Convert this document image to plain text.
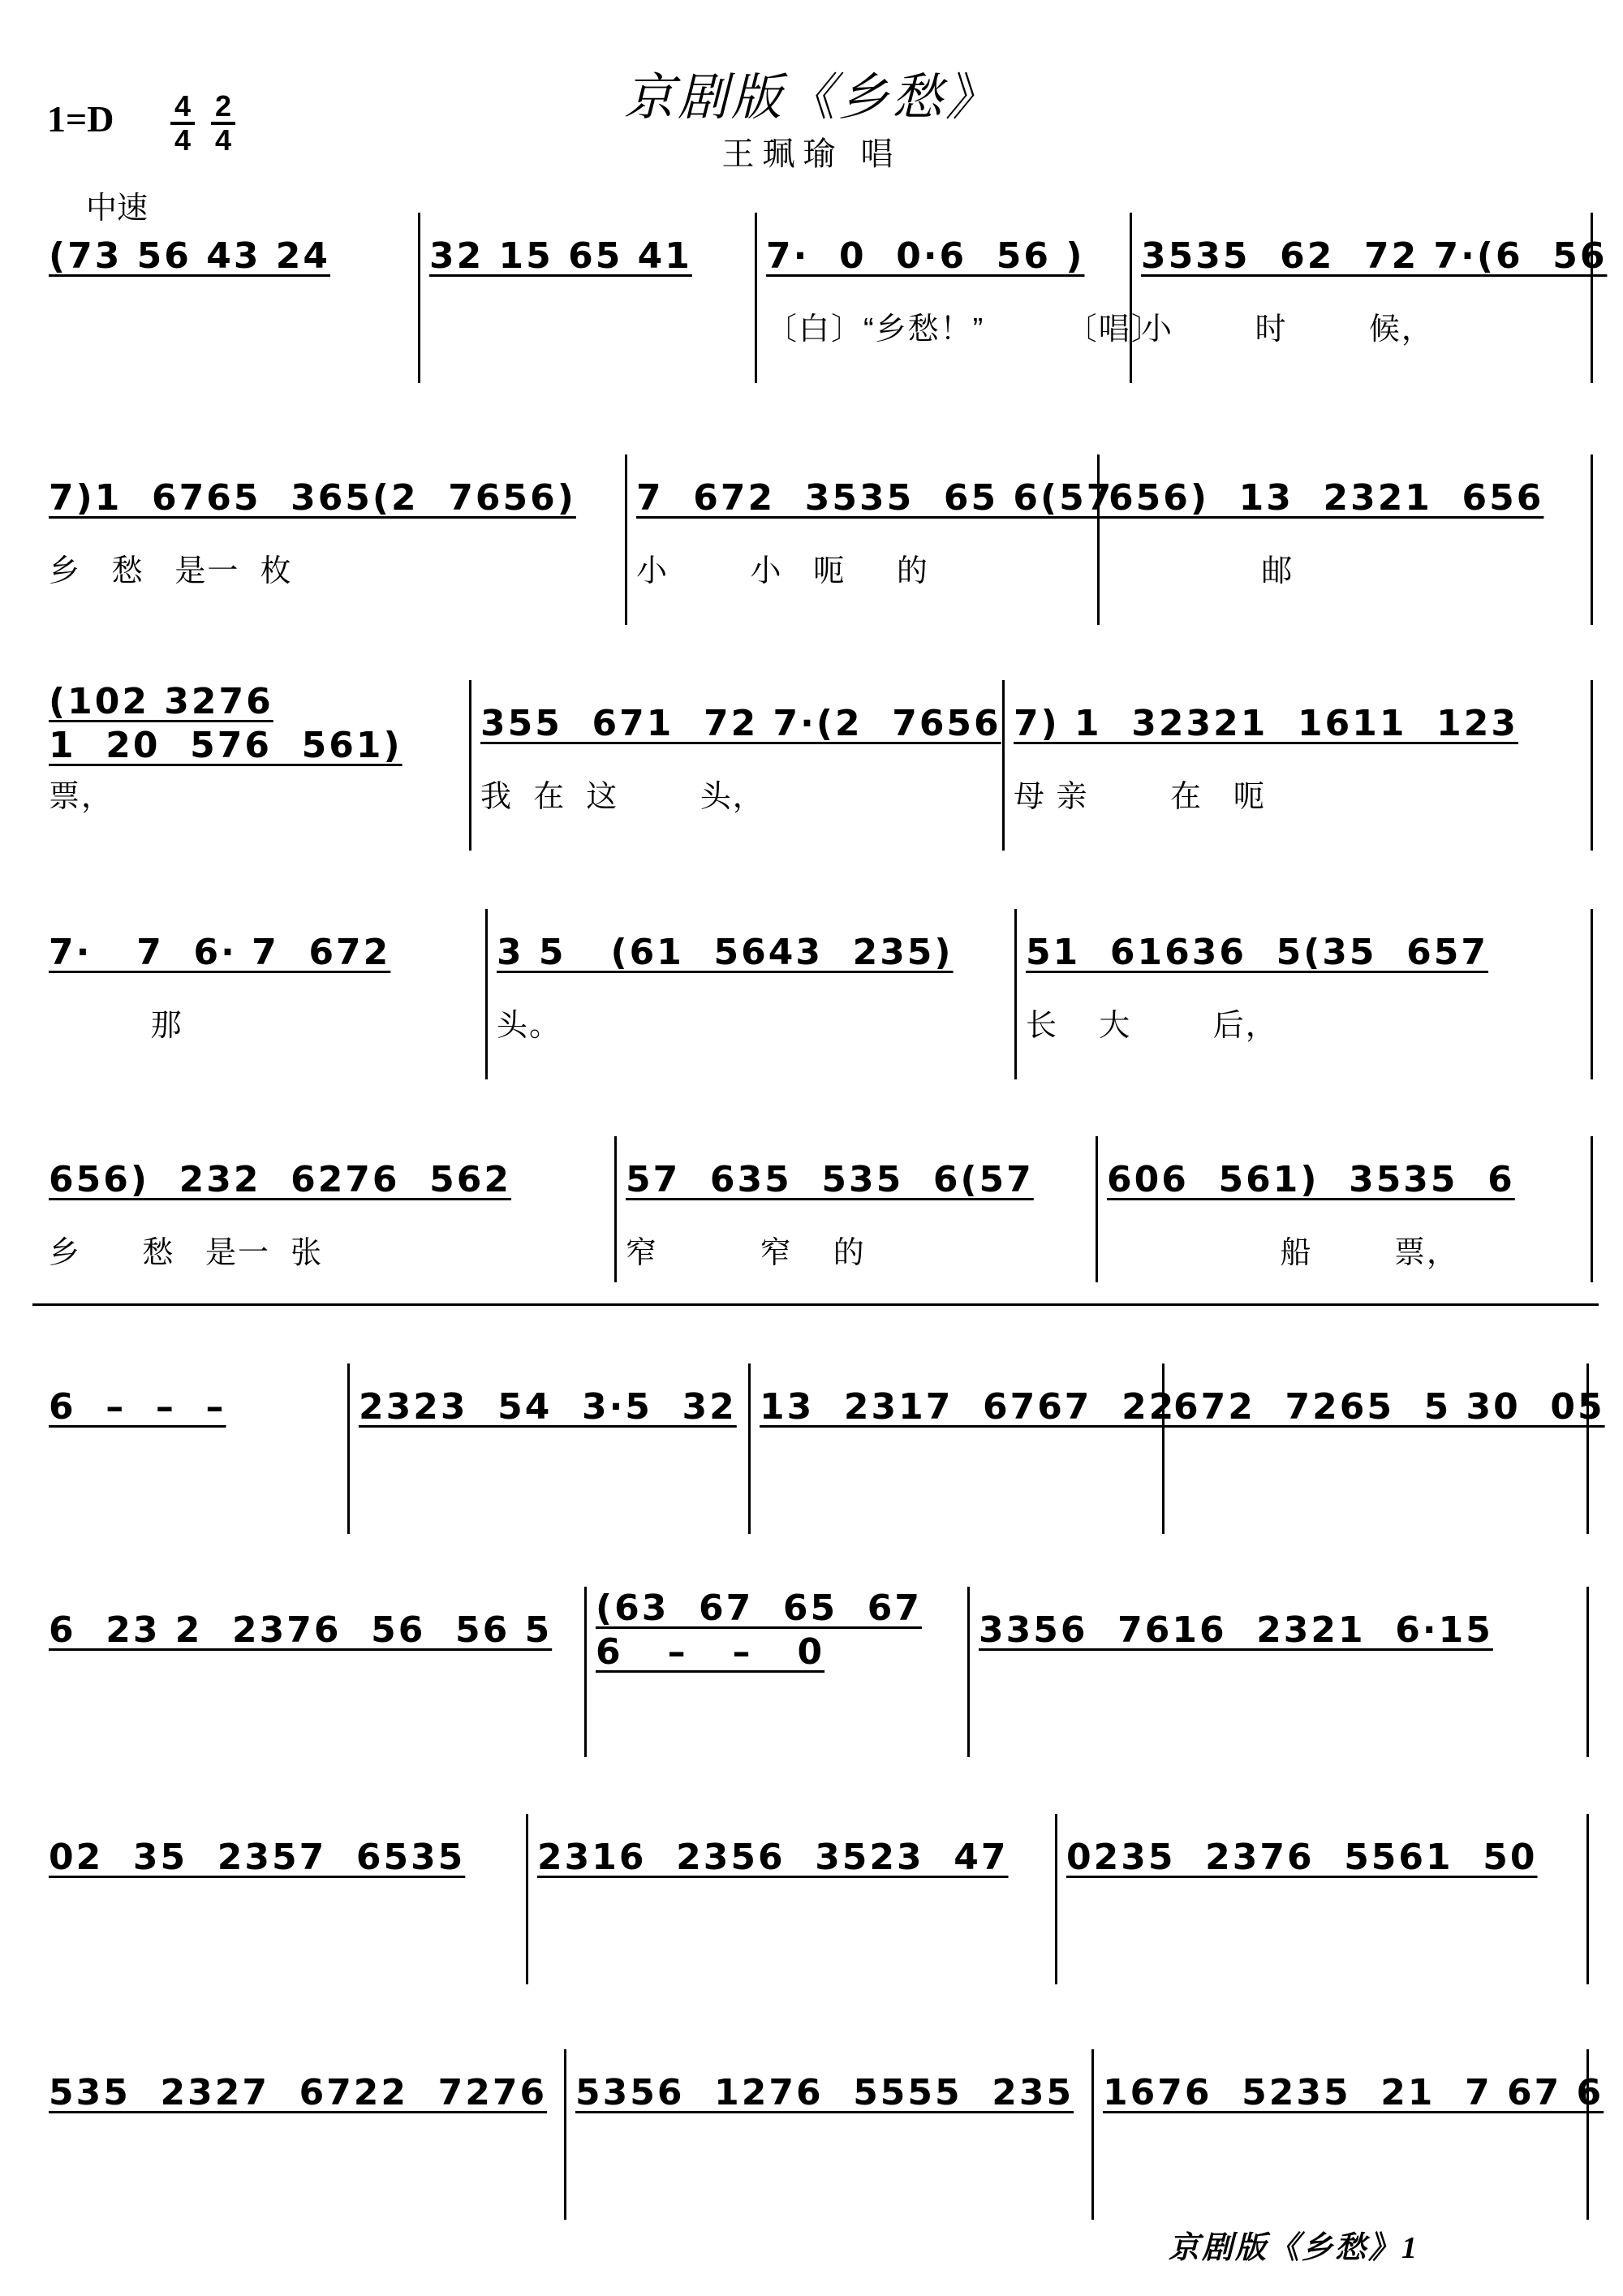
京剧版《乡愁》
王珮瑜 唱
1=D 4
4
2
4
中速
(73 56 43 24	32 15 65 41 7·  0  0·6  56 )
〔白〕“乡愁！”        〔唱〕
3535  62  72 7·(6  56
小        时        候，
7)1  6765  365(2  7656)
乡   愁   是一  枚
7  672  3535  65 6(57
小        小   呃     的
656)  13  2321  656
邮
(102 3276
1  20  576  561)
票，
355  671  72 7·(2  7656
我  在  这        头，
7) 1  32321  1611  123
母 亲        在   呃
7·   7  6· 7  672
那
3 5   (61  5643  235)
头。
51  61636  5(35  657
长    大        后，
656)  232  6276  562
乡      愁   是一  张
57  635  535  6(57
窄          窄    的
606  561)  3535  6
船        票，
6  –  –  –	2323  54  3·5  32 13  2317  6767  22
672  7265  5 30  05
6  23 2  2376  56  56 5
(63  67  65  67
6   –   –   0
3356  7616  2321  6·15
02  35  2357  6535 2316  2356  3523  47 0235  2376  5561  50
535  2327  6722  7276 5356  1276  5555  235 1676  5235  21  7 67 6
京剧版《乡愁》1
